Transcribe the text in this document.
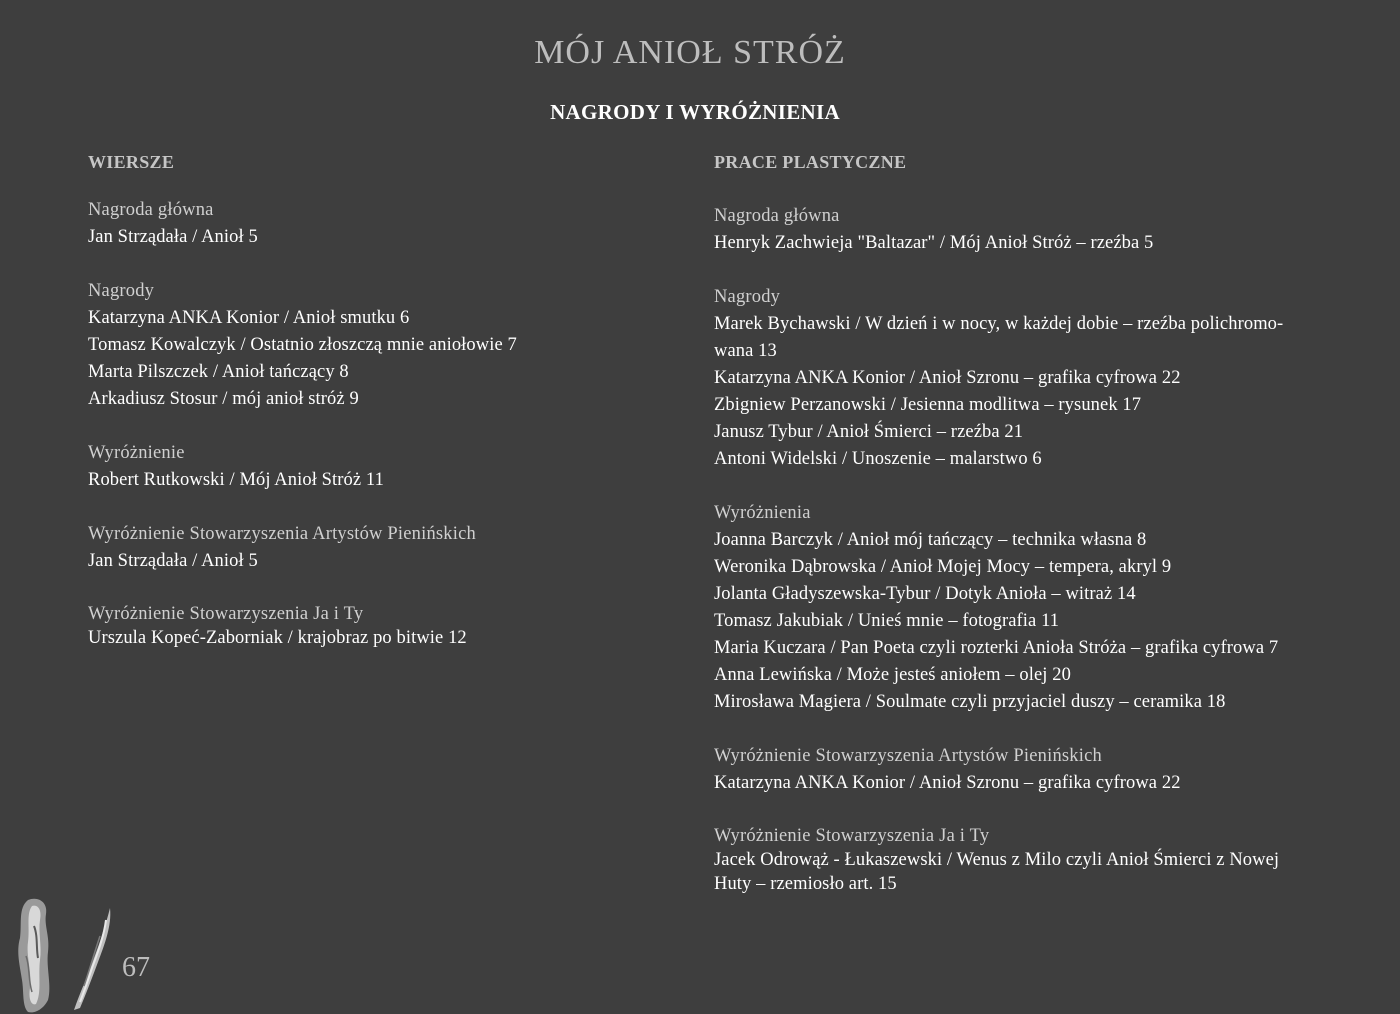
MÓJ ANIOŁ STRÓŻ
NAGRODY I WYRÓŻNIENIA
WIERSZE
Nagroda główna
Jan Strządała / Anioł 5
Nagrody
Katarzyna ANKA Konior / Anioł smutku 6
Tomasz Kowalczyk / Ostatnio złoszczą mnie aniołowie 7
Marta Pilszczek / Anioł tańczący 8
Arkadiusz Stosur / mój anioł stróż 9
Wyróżnienie
Robert Rutkowski / Mój Anioł Stróż 11
Wyróżnienie Stowarzyszenia Artystów Pienińskich
Jan Strządała / Anioł 5
Wyróżnienie Stowarzyszenia Ja i Ty
Urszula Kopeć-Zaborniak / krajobraz po bitwie 12
PRACE PLASTYCZNE
Nagroda główna
Henryk Zachwieja "Baltazar" / Mój Anioł Stróż – rzeźba 5
Nagrody
Marek Bychawski / W dzień i w nocy, w każdej dobie – rzeźba polichromo-
wana 13
Katarzyna ANKA Konior / Anioł Szronu – grafika cyfrowa 22
Zbigniew Perzanowski / Jesienna modlitwa – rysunek 17
Janusz Tybur / Anioł Śmierci – rzeźba 21
Antoni Widelski / Unoszenie – malarstwo 6
Wyróżnienia
Joanna Barczyk / Anioł mój tańczący – technika własna 8
Weronika Dąbrowska / Anioł Mojej Mocy – tempera, akryl 9
Jolanta Gładyszewska-Tybur / Dotyk Anioła – witraż 14
Tomasz Jakubiak / Unieś mnie – fotografia 11
Maria Kuczara / Pan Poeta czyli rozterki Anioła Stróża – grafika cyfrowa 7
Anna Lewińska / Może jesteś aniołem – olej 20
Mirosława Magiera / Soulmate czyli przyjaciel duszy – ceramika 18
Wyróżnienie Stowarzyszenia Artystów Pienińskich
Katarzyna ANKA Konior / Anioł Szronu – grafika cyfrowa 22
Wyróżnienie Stowarzyszenia Ja i Ty
Jacek Odrowąż - Łukaszewski / Wenus z Milo czyli Anioł Śmierci z Nowej
Huty – rzemiosło art. 15
67
